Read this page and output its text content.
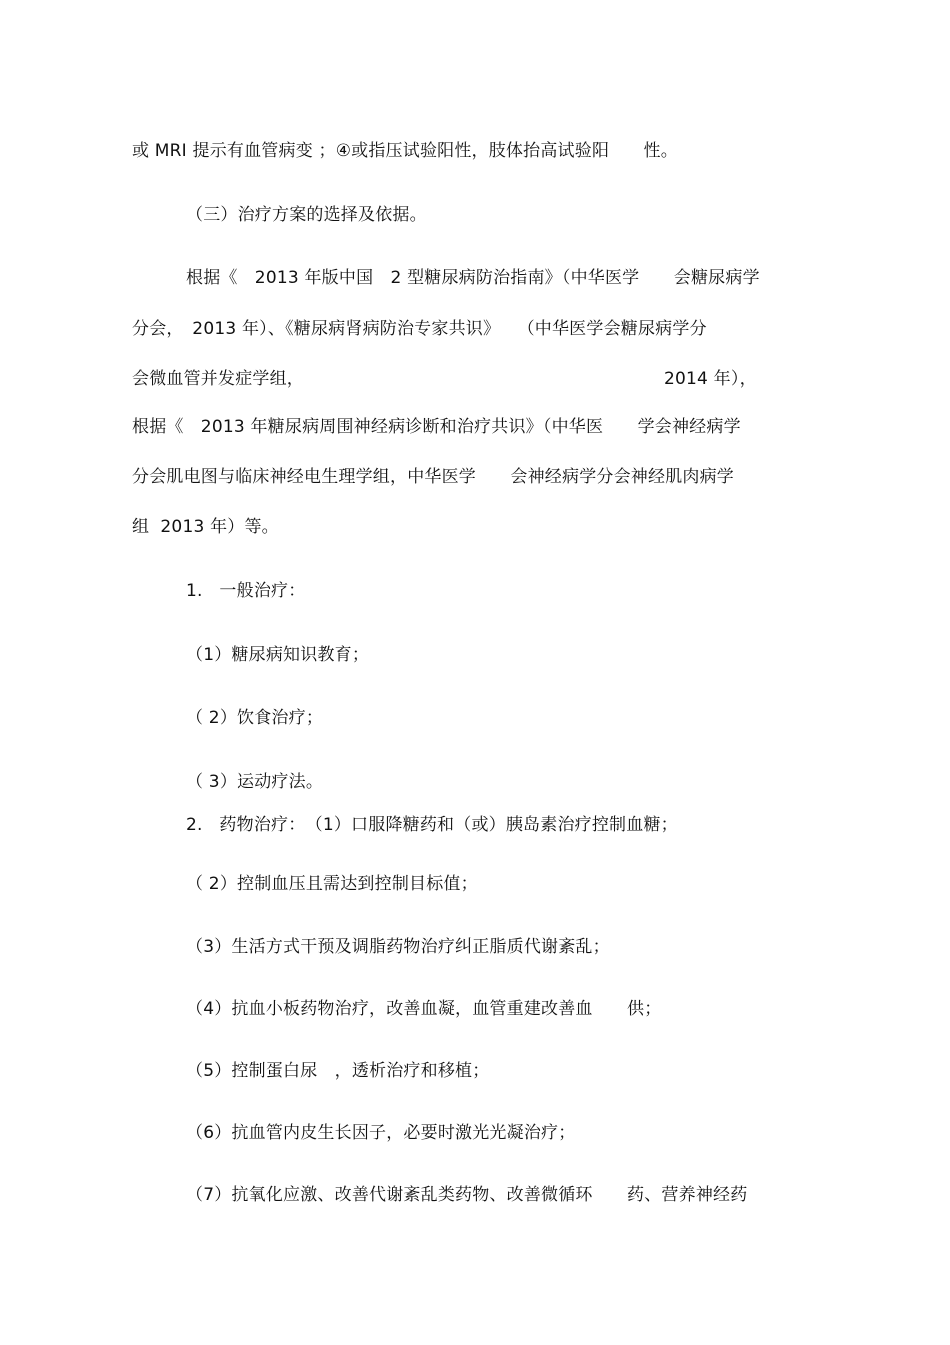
或 MRI 提示有血管病变 ；④或指压试验阳性，肢体抬高试验阳　　性。
（三）治疗方案的选择及依据。
根据《　2013 年版中国　2 型糖尿病防治指南》（中华医学　　会糖尿病学
分会，　2013 年）、《糖尿病肾病防治专家共识》　　（中华医学会糖尿病学分
会微血管并发症学组，	2014 年），
根据《　2013 年糖尿病周围神经病诊断和治疗共识》（中华医　　学会神经病学
分会肌电图与临床神经电生理学组，中华医学　　会神经病学分会神经肌肉病学
组  2013 年）等。
1.   一般治疗：
（1）糖尿病知识教育；
（ 2）饮食治疗；
（ 3）运动疗法。
2.   药物治疗：　（1）口服降糖药和（或）胰岛素治疗控制血糖；
（ 2）控制血压且需达到控制目标值；
（3）生活方式干预及调脂药物治疗纠正脂质代谢紊乱；
（4）抗血小板药物治疗，改善血凝，血管重建改善血　　供；
（5）控制蛋白尿　，透析治疗和移植；
（6）抗血管内皮生长因子，必要时激光光凝治疗；
（7）抗氧化应激、改善代谢紊乱类药物、改善微循环　　药、营养神经药
